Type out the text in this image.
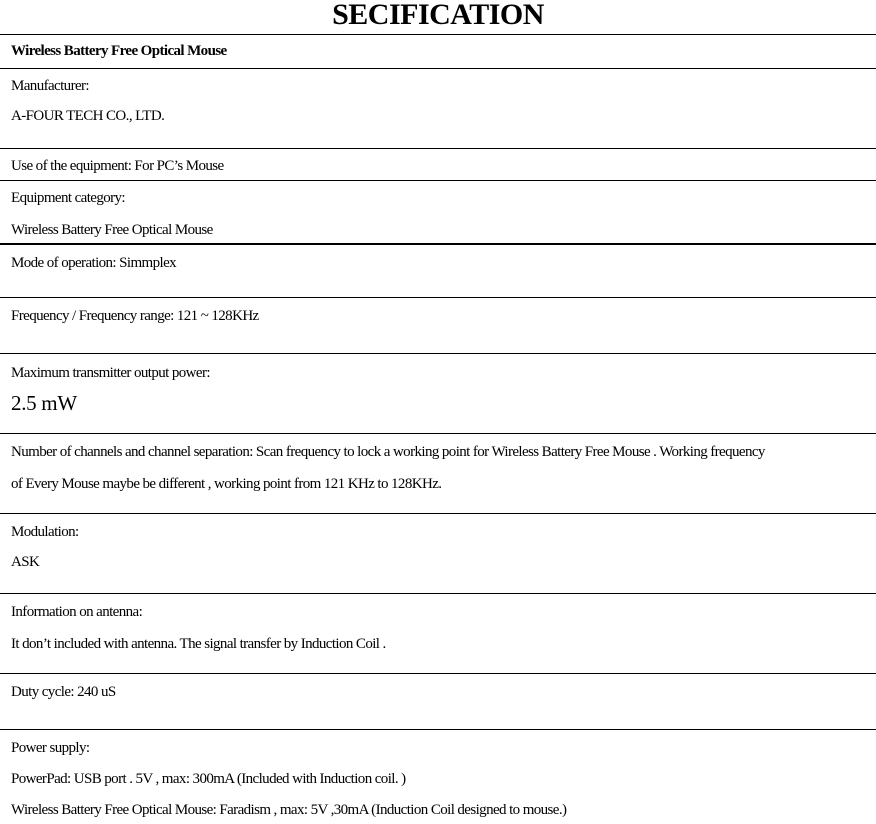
SECIFICATION
Wireless Battery Free Optical Mouse
Manufacturer:
A-FOUR TECH CO., LTD.
Use of the equipment: For PC’s Mouse
Equipment category:
Wireless Battery Free Optical Mouse
Mode of operation: Simmplex
Frequency / Frequency range: 121 ~ 128KHz
Maximum transmitter output power:
2.5 mW
Number of channels and channel separation: Scan frequency to lock a working point for Wireless Battery Free Mouse . Working frequency
of Every Mouse maybe be different , working point from 121 KHz to 128KHz.
Modulation:
ASK
Information on antenna:
It don’t included with antenna. The signal transfer by Induction Coil .
Duty cycle: 240 uS
Power supply:
PowerPad: USB port . 5V , max: 300mA (Included with Induction coil. )
Wireless Battery Free Optical Mouse: Faradism , max: 5V ,30mA (Induction Coil designed to mouse.)
